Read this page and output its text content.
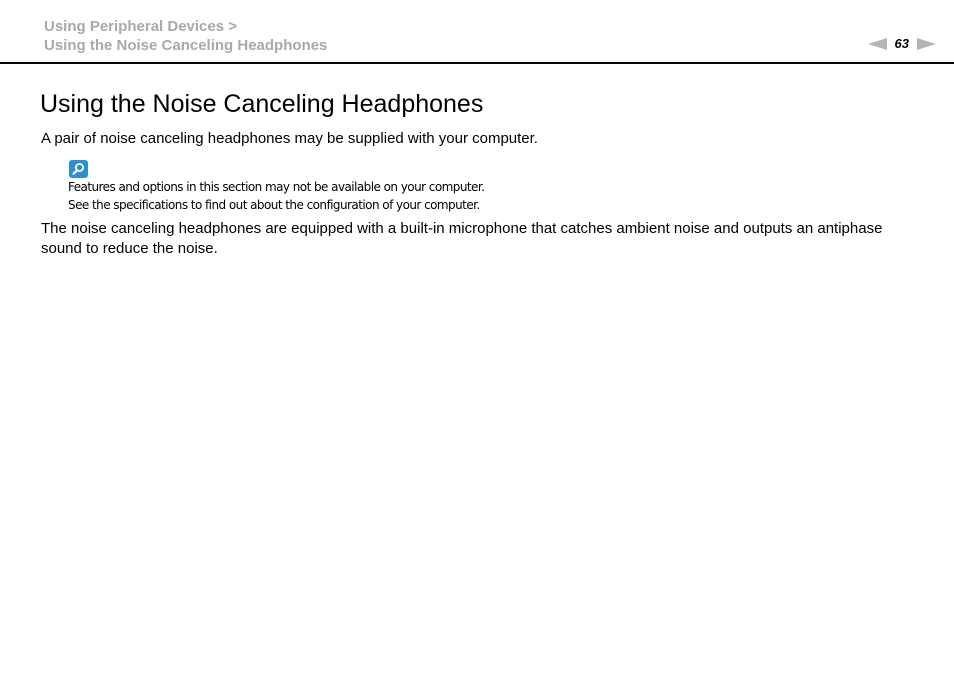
Using Peripheral Devices >
Using the Noise Canceling Headphones	63
Using the Noise Canceling Headphones
A pair of noise canceling headphones may be supplied with your computer.
Features and options in this section may not be available on your computer.
See the specifications to find out about the configuration of your computer.
The noise canceling headphones are equipped with a built-in microphone that catches ambient noise and outputs an antiphase sound to reduce the noise.
